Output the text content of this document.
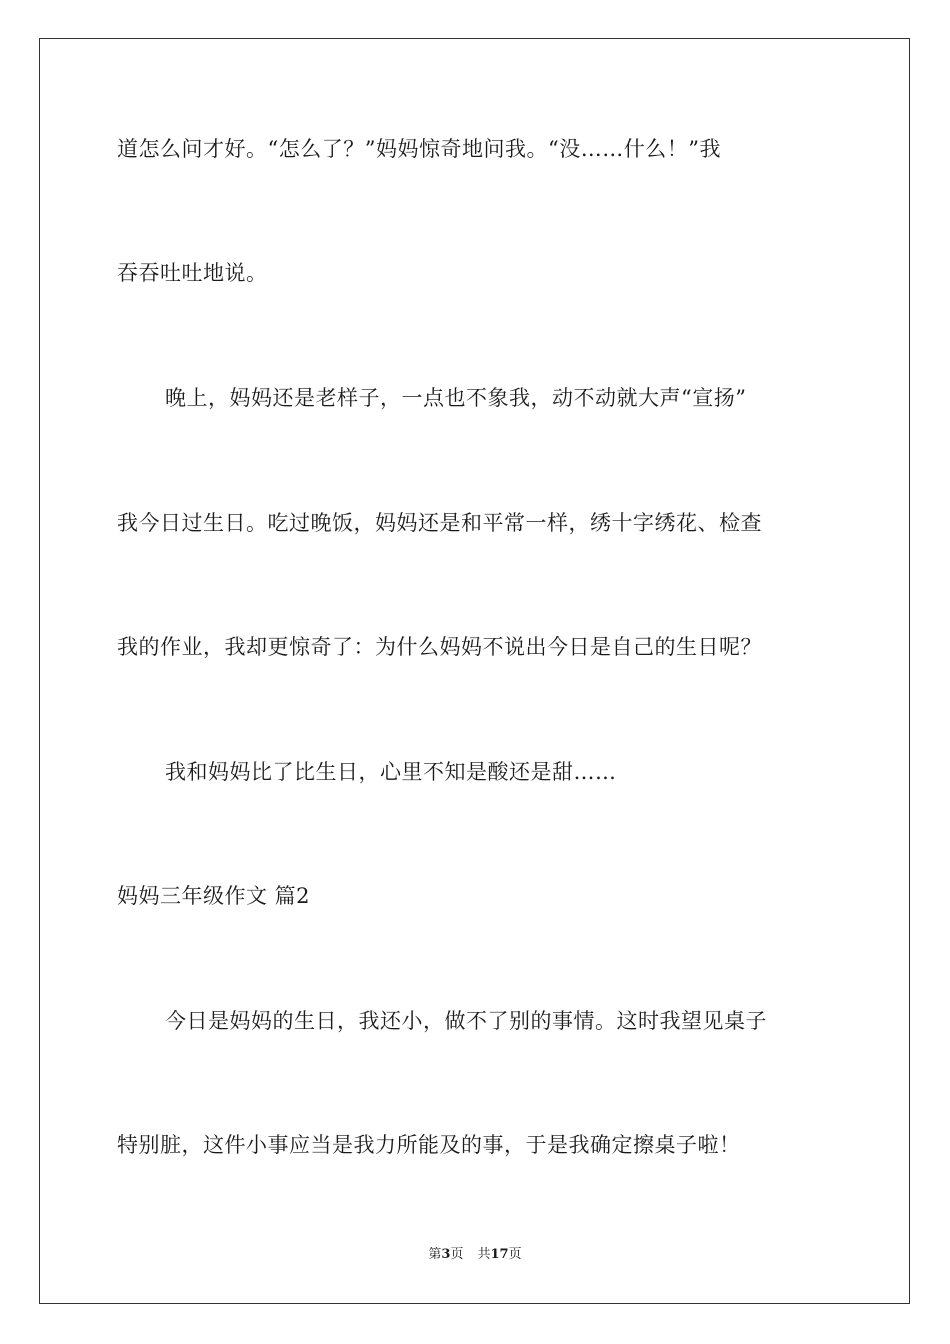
道怎么问才好。“怎么了？”妈妈惊奇地问我。“没……什么！”我
吞吞吐吐地说。
晚上，妈妈还是老样子，一点也不象我，动不动就大声“宣扬”
我今日过生日。吃过晚饭，妈妈还是和平常一样，绣十字绣花、检查
我的作业，我却更惊奇了：为什么妈妈不说出今日是自己的生日呢？
我和妈妈比了比生日，心里不知是酸还是甜……
妈妈三年级作文 篇2
今日是妈妈的生日，我还小，做不了别的事情。这时我望见桌子
特别脏，这件小事应当是我力所能及的事，于是我确定擦桌子啦！
第3页 共17页
